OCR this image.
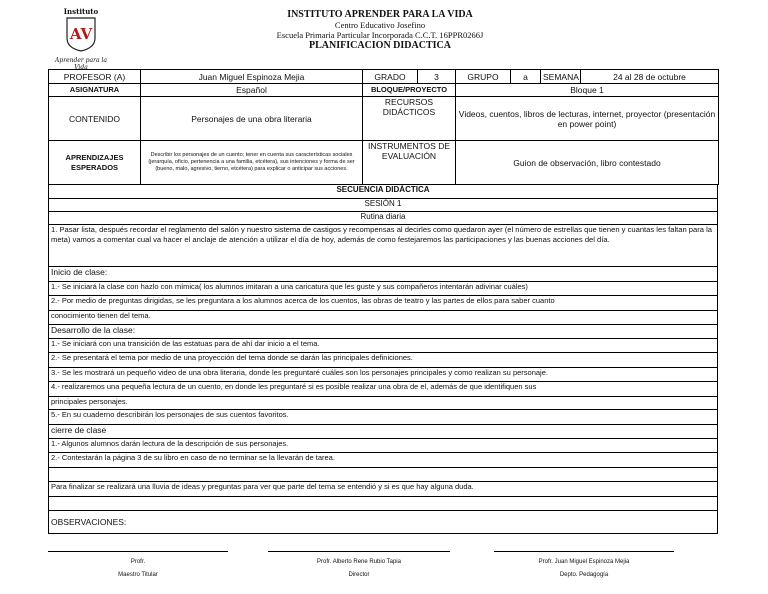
Instituto
AV
Aprender para la Vida
INSTITUTO APRENDER PARA LA VIDA
Centro Educativo Josefino
Escuela Primaria Particular Incorporada C.C.T. 16PPR0266J
PLANIFICACION DIDACTICA
PROFESOR (A)	Juan Miguel Espinoza Mejia	GRADO	3	GRUPO	a	SEMANA	24 al 28 de octubre
ASIGNATURA	Español	BLOQUE/PROYECTO		Bloque 1			
CONTENIDO	Personajes de una obra literaria	RECURSOS DIDÁCTICOS		Videos, cuentos, libros de lecturas, internet, proyector (presentación en power point)			
APRENDIZAJES ESPERADOS	Describir los personajes de un cuento; tener en cuenta sus características sociales (jerarquía, oficio, pertenencia a una familia, etcétera), sus intenciones y forma de ser (bueno, malo, agresivo, tierno, etcétera) para explicar o anticipar sus acciones.	INSTRUMENTOS DE EVALUACIÓN		Guion de observación, libro contestado			
SECUENCIA DIDÁCTICA
SESIÓN 1
Rutina diaria
1. Pasar lista, después recordar el reglamento del salón y nuestro sistema de castigos y recompensas al decirles como quedaron ayer (el número de estrellas que tienen y cuantas les faltan para la meta) vamos a comentar cual va hacer el anclaje de atención a utilizar el día de hoy, además de como festejaremos las participaciones y las buenas acciones del día.
Inicio de clase:
1.- Se iniciará la clase con hazlo con mímica( los alumnos imitaran a una caricatura que les guste y sus compañeros intentarán adivinar cuáles)
2.- Por medio de preguntas dirigidas, se les preguntara a los alumnos acerca de los cuentos, las obras de teatro y las partes de ellos para saber cuanto
conocimiento tienen del tema.
Desarrollo de la clase:
1.- Se iniciará con una transición de las estatuas para de ahí dar inicio a el tema.
2.- Se presentará el tema por medio de una proyección del tema donde se darán las principales definiciones.
3.- Se les mostrará un pequeño video de una obra literaria, donde les preguntaré cuáles son los personajes principales y como realizan su personaje.
4.- realizaremos una pequeña lectura de un cuento, en donde les preguntaré si es posible realizar una obra de el, además de que identifiquen sus
principales personajes.
5.- En su cuaderno describirán los personajes de sus cuentos favoritos.
cierre de clase
1.- Algunos alumnos darán lectura de la descripción de sus personajes.
2.- Contestarán la página 3 de su libro en caso de no terminar se la llevarán de tarea.

Para finalizar se realizará una lluvia de ideas y preguntas para ver que parte del tema se entendió y si es que hay alguna duda.

OBSERVACIONES:
Profr.
Maestro Titular
Profr. Alberto Rene Rubio Tapia
Director
Profr. Juan Miguel Espinoza Mejia
Depto. Pedagogía
